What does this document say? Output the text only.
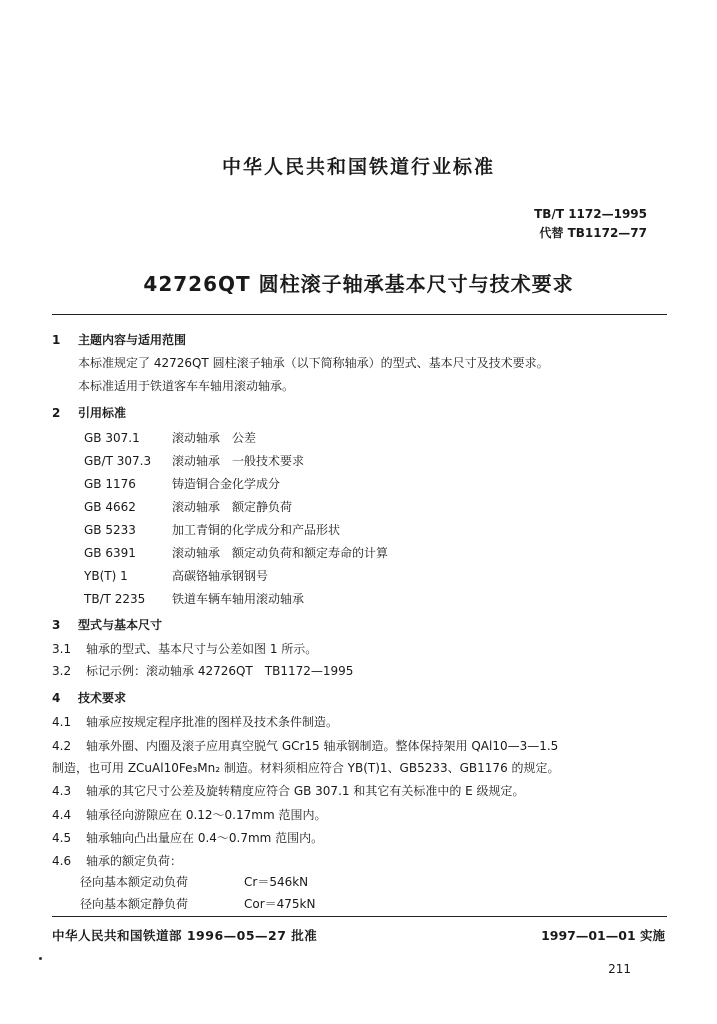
中华人民共和国铁道行业标准
TB/T 1172—1995
代替 TB1172—77
42726QT 圆柱滚子轴承基本尺寸与技术要求
1 主题内容与适用范围
本标准规定了 42726QT 圆柱滚子轴承（以下简称轴承）的型式、基本尺寸及技术要求。
本标准适用于铁道客车车轴用滚动轴承。
2 引用标准
GB 307.1	滚动轴承　公差
GB/T 307.3 滚动轴承　一般技术要求
GB 1176	铸造铜合金化学成分
GB 4662	滚动轴承　额定静负荷
GB 5233	加工青铜的化学成分和产品形状
GB 6391	滚动轴承　额定动负荷和额定寿命的计算
YB(T) 1	高碳铬轴承钢钢号
TB/T 2235 铁道车辆车轴用滚动轴承
3 型式与基本尺寸
3.1 轴承的型式、基本尺寸与公差如图 1 所示。
3.2 标记示例：滚动轴承 42726QT　TB1172—1995
4 技术要求
4.1 轴承应按规定程序批准的图样及技术条件制造。
4.2 轴承外圈、内圈及滚子应用真空脱气 GCr15 轴承钢制造。整体保持架用 QAl10—3—1.5
制造，也可用 ZCuAl10Fe₃Mn₂ 制造。材料须相应符合 YB(T)1、GB5233、GB1176 的规定。
4.3 轴承的其它尺寸公差及旋转精度应符合 GB 307.1 和其它有关标准中的 E 级规定。
4.4 轴承径向游隙应在 0.12～0.17mm 范围内。
4.5 轴承轴向凸出量应在 0.4～0.7mm 范围内。
4.6 轴承的额定负荷：
径向基本额定动负荷	Cr＝546kN
径向基本额定静负荷	Cor＝475kN
中华人民共和国铁道部 1996—05—27 批准	1997—01—01 实施
211
